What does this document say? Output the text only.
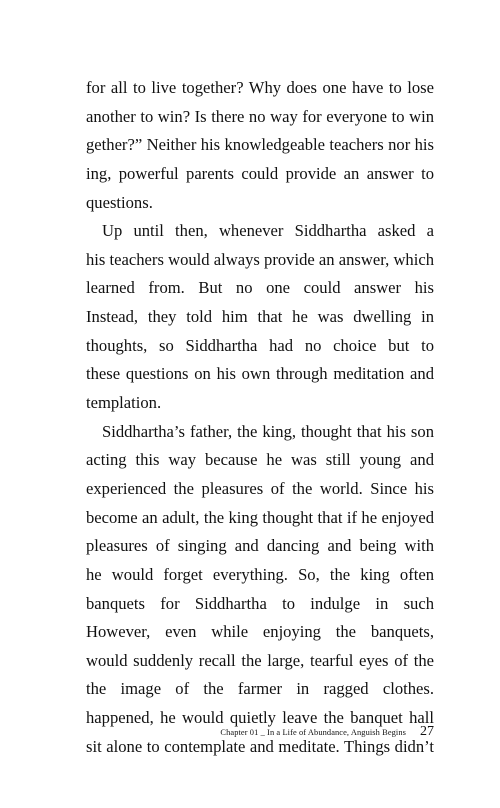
for all to live together? Why does one have to lose
another to win? Is there no way for everyone to win
gether?” Neither his knowledgeable teachers nor his
ing, powerful parents could provide an answer to
questions.
Up until then, whenever Siddhartha asked a
his teachers would always provide an answer, which
learned from. But no one could answer his
Instead, they told him that he was dwelling in
thoughts, so Siddhartha had no choice but to
these questions on his own through meditation and
templation.
Siddhartha’s father, the king, thought that his son
acting this way because he was still young and
experienced the pleasures of the world. Since his
become an adult, the king thought that if he enjoyed
pleasures of singing and dancing and being with
he would forget everything. So, the king often
banquets for Siddhartha to indulge in such
However, even while enjoying the banquets,
would suddenly recall the large, tearful eyes of the
the image of the farmer in ragged clothes.
happened, he would quietly leave the banquet hall
sit alone to contemplate and meditate. Things didn’t
Chapter 01 _ In a Life of Abundance, Anguish Begins 27
